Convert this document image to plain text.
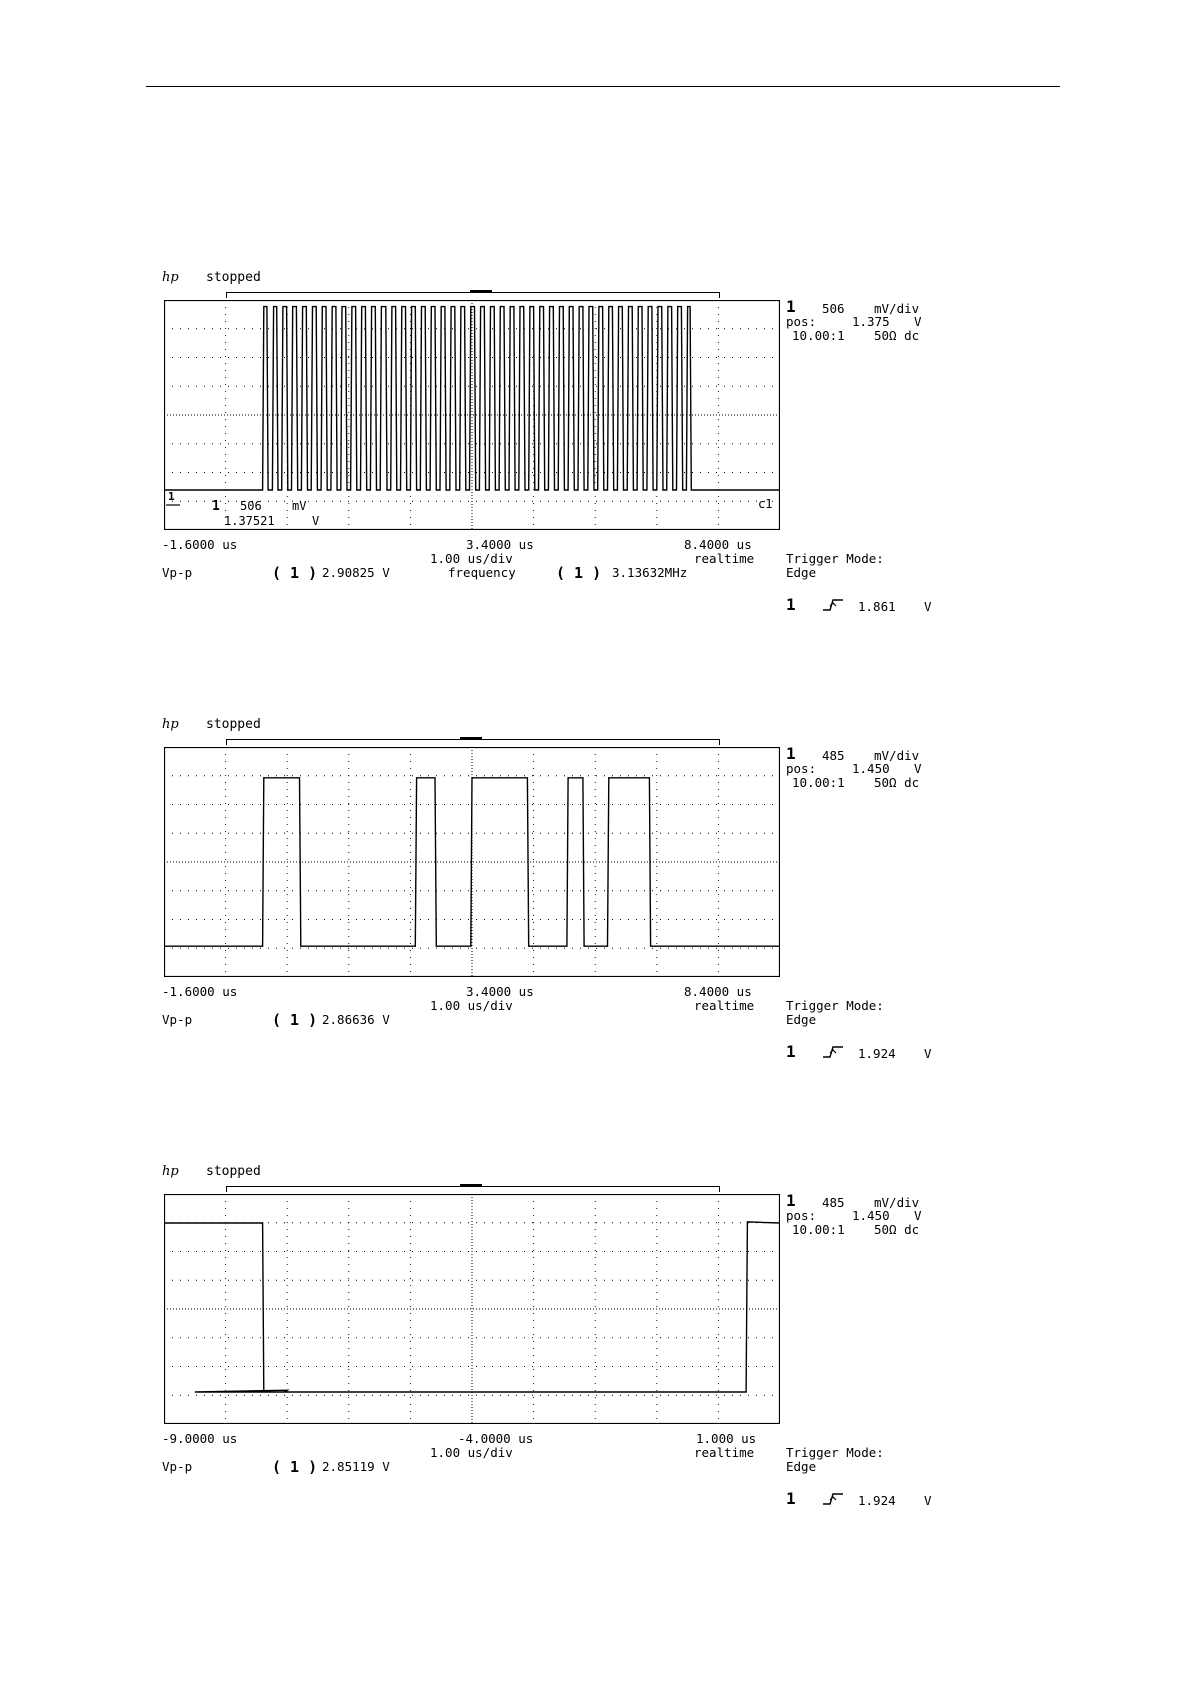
hp stopped
1
1 506	mV
1.37521	V
c1
1 506 mV/div
pos:	1.375 V
10.00:1 50Ω dc
-1.6000 us	3.4000 us	8.4000 us
1.00 us/div	realtime	Trigger Mode:
Edge
Vp-p	( 1 ) 2.90825 V	frequency	( 1 ) 3.13632MHz
1	1.861 V
hp stopped
1 485 mV/div
pos:	1.450 V
10.00:1 50Ω dc
-1.6000 us	3.4000 us	8.4000 us
1.00 us/div	realtime	Trigger Mode:
Edge
Vp-p	( 1 ) 2.86636 V
1	1.924 V
hp stopped
1 485 mV/div
pos:	1.450 V
10.00:1 50Ω dc
-9.0000 us	-4.0000 us	1.000 us
1.00 us/div	realtime	Trigger Mode:
Edge
Vp-p	( 1 ) 2.85119 V
1	1.924 V
